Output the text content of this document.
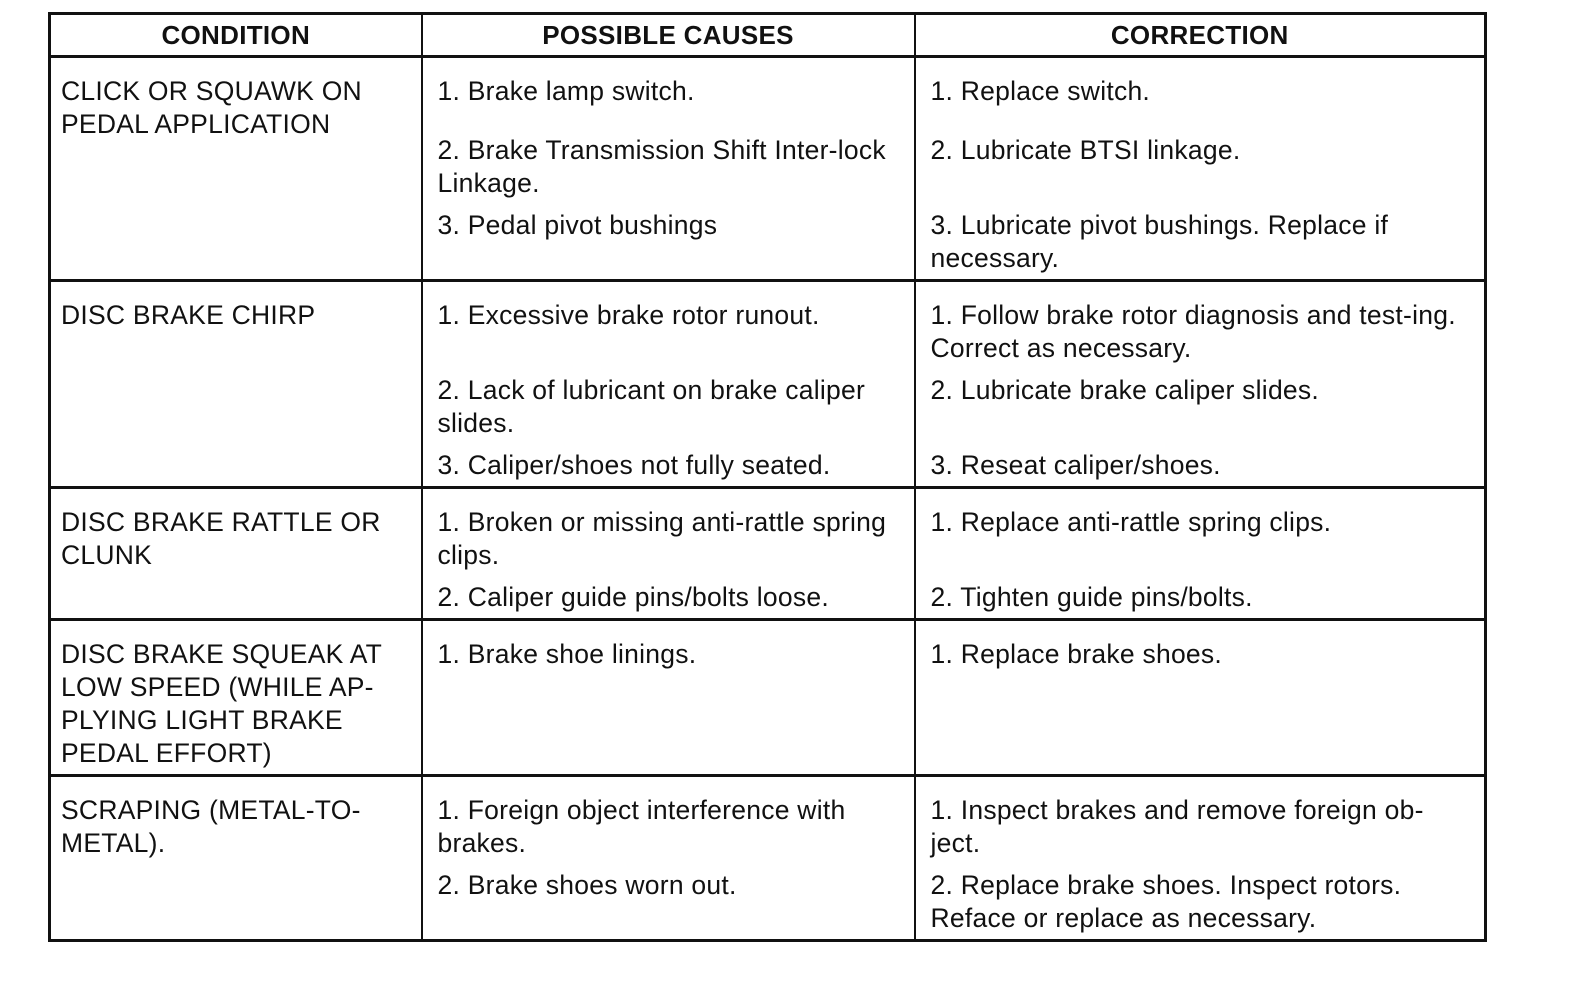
CONDITION	POSSIBLE CAUSES	CORRECTION

CLICK OR SQUAWK ON PEDAL APPLICATION	1. Brake lamp switch.	1. Replace switch.

	2. Brake Transmission Shift Inter-lock Linkage.	2. Lubricate BTSI linkage.

	3. Pedal pivot bushings	3. Lubricate pivot bushings. Replace if necessary.

DISC BRAKE CHIRP	1. Excessive brake rotor runout.	1. Follow brake rotor diagnosis and test-ing. Correct as necessary.

	2. Lack of lubricant on brake caliper slides.	2. Lubricate brake caliper slides.

	3. Caliper/shoes not fully seated.	3. Reseat caliper/shoes.

DISC BRAKE RATTLE OR CLUNK	1. Broken or missing anti-rattle spring clips.	1. Replace anti-rattle spring clips.

	2. Caliper guide pins/bolts loose.	2. Tighten guide pins/bolts.

DISC BRAKE SQUEAK AT LOW SPEED (WHILE AP-PLYING LIGHT BRAKE PEDAL EFFORT)	1. Brake shoe linings.	1. Replace brake shoes.

SCRAPING (METAL-TO-METAL).	1. Foreign object interference with brakes.	1. Inspect brakes and remove foreign ob-ject.

	2. Brake shoes worn out.	2. Replace brake shoes. Inspect rotors. Reface or replace as necessary.
